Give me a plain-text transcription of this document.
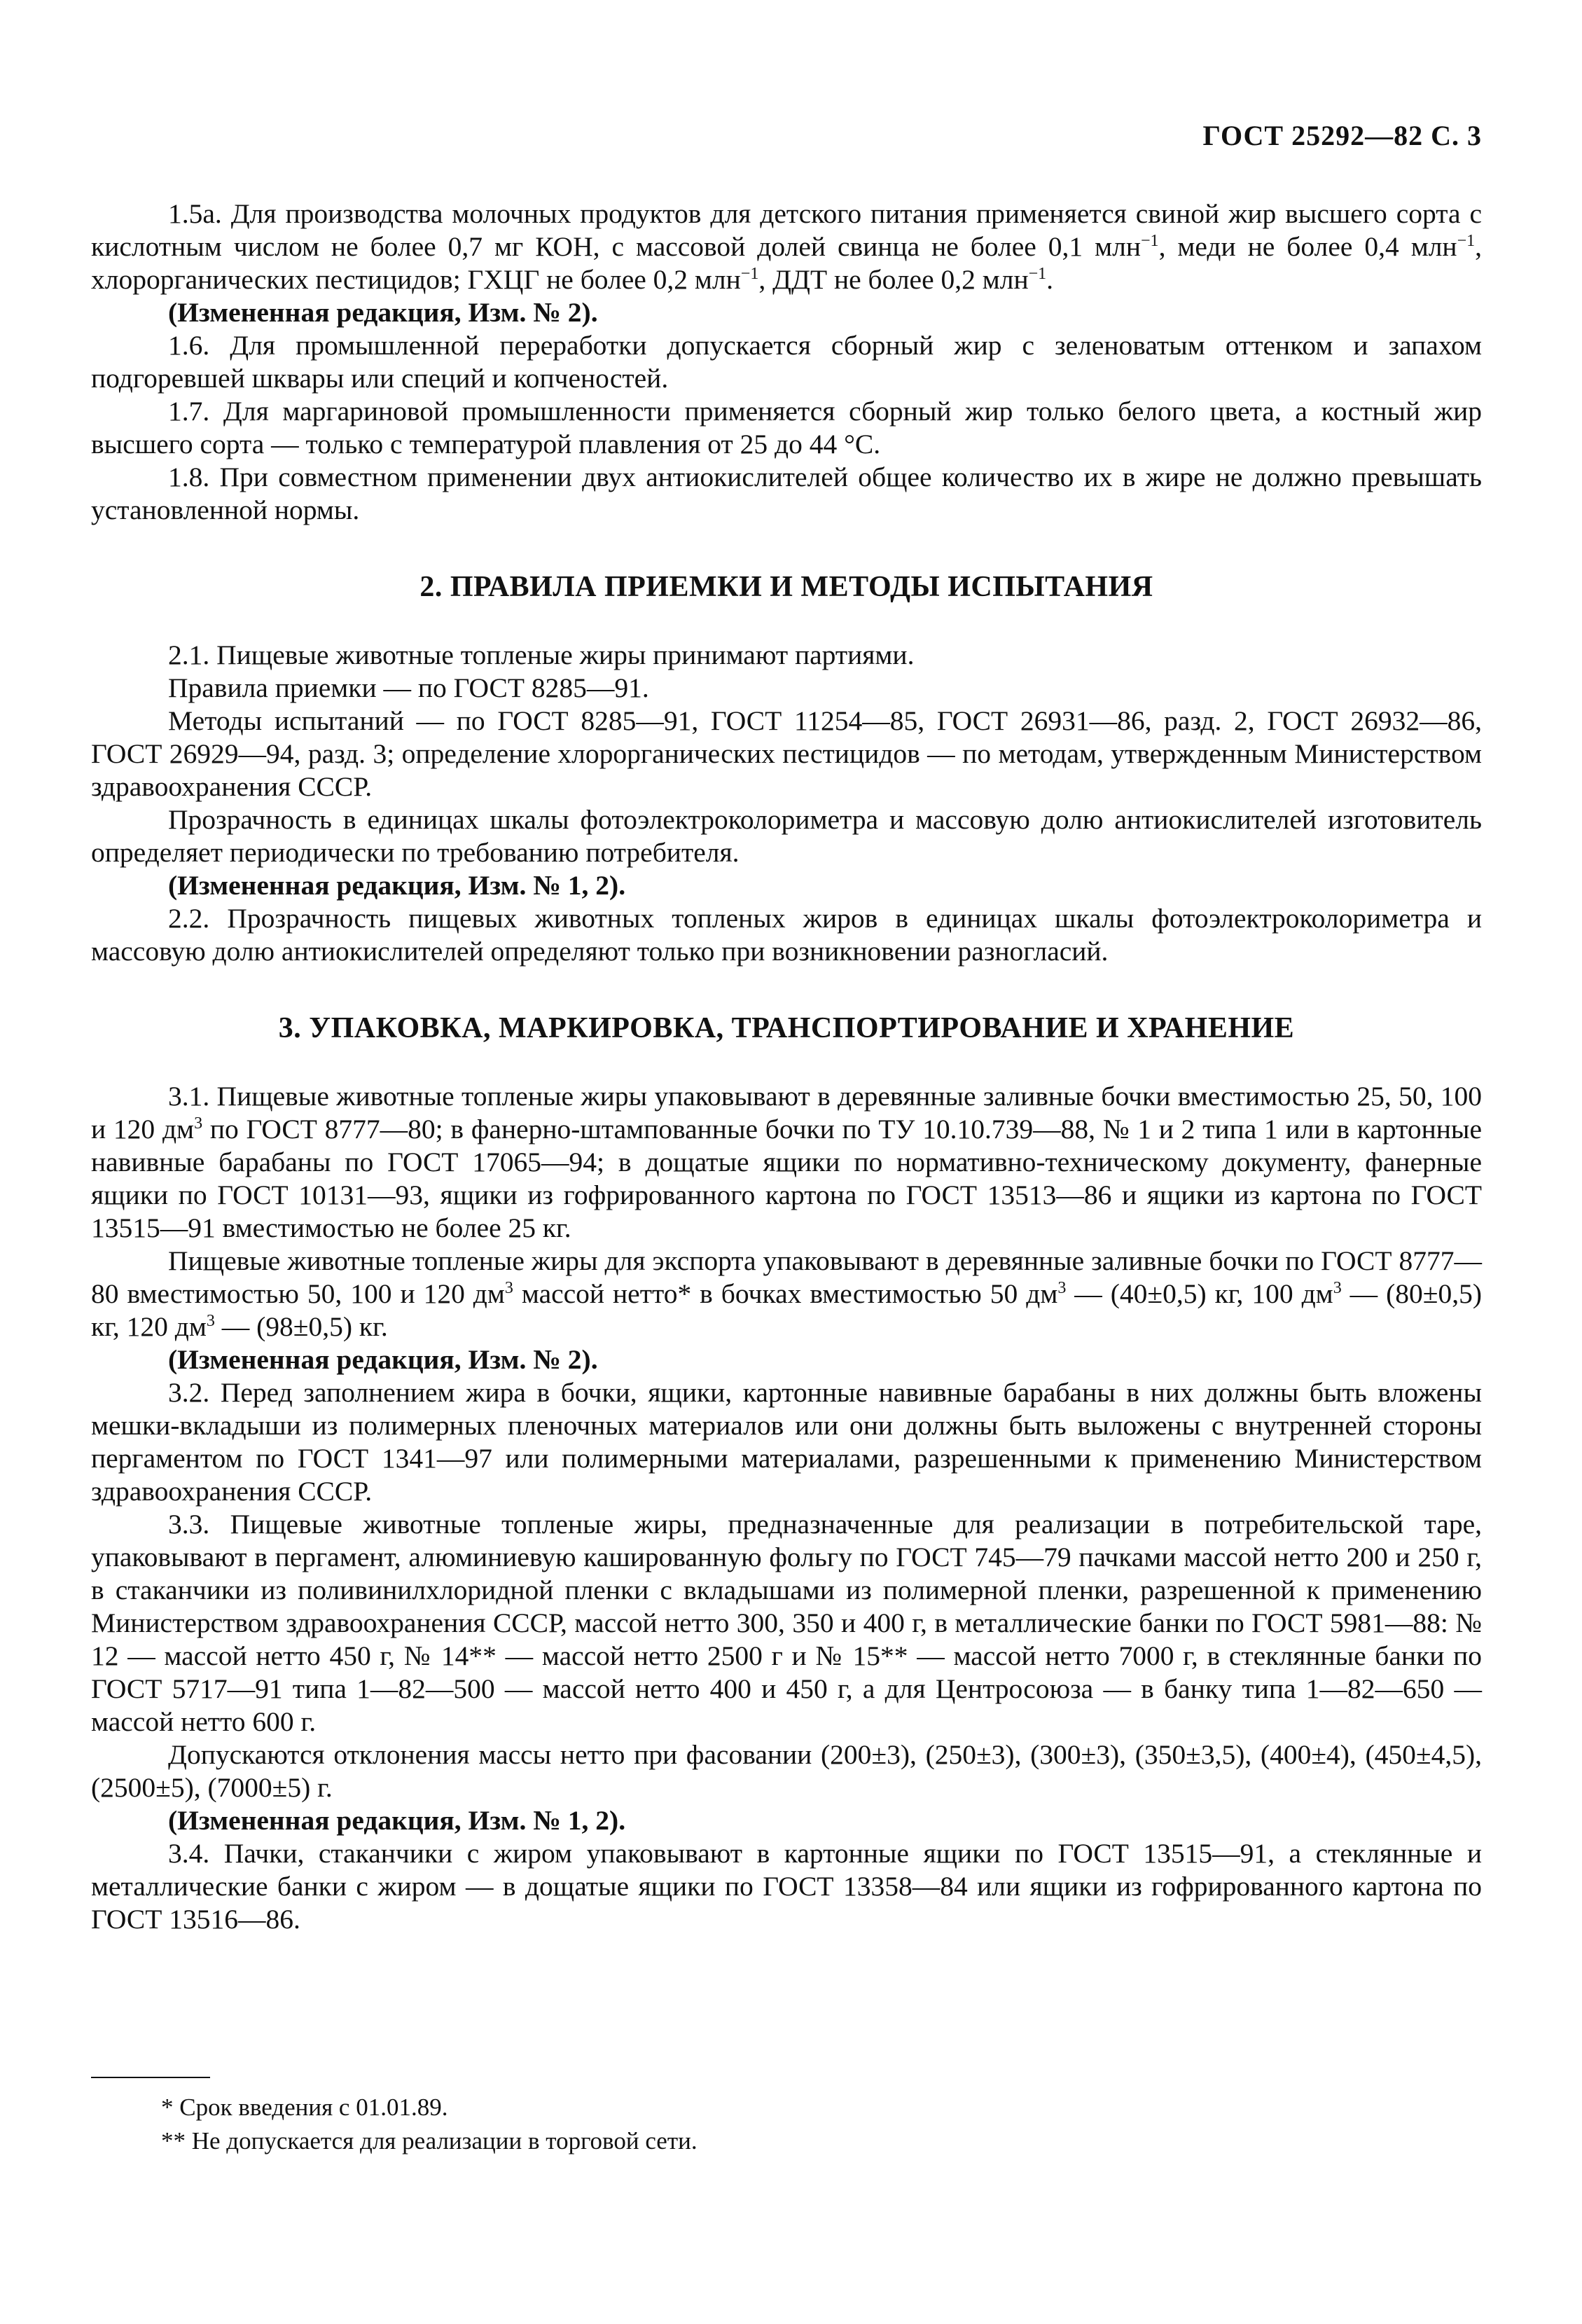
ГОСТ 25292—82 С. 3

1.5а. Для производства молочных продуктов для детского питания применяется свиной жир высшего сорта с кислотным числом не более 0,7 мг КОН, с массовой долей свинца не более 0,1 млн$^{-1}$, меди не более 0,4 млн$^{-1}$, хлорорганических пестицидов; ГХЦГ не более 0,2 млн$^{-1}$, ДДТ не более 0,2 млн$^{-1}$.

(Измененная редакция, Изм. № 2).

1.6. Для промышленной переработки допускается сборный жир с зеленоватым оттенком и запахом подгоревшей шквары или специй и копчeностей.

1.7. Для маргариновой промышленности применяется сборный жир только белого цвета, а костный жир высшего сорта — только с температурой плавления от 25 до 44 °С.

1.8. При совместном применении двух антиокислителей общее количество их в жире не должно превышать установленной нормы.

2. ПРАВИЛА ПРИЕМКИ И МЕТОДЫ ИСПЫТАНИЯ

2.1. Пищевые животные топленые жиры принимают партиями.

Правила приемки — по ГОСТ 8285—91.

Методы испытаний — по ГОСТ 8285—91, ГОСТ 11254—85, ГОСТ 26931—86, разд. 2, ГОСТ 26932—86, ГОСТ 26929—94, разд. 3; определение хлорорганических пестицидов — по методам, утвержденным Министерством здравоохранения СССР.

Прозрачность в единицах шкалы фотоэлектроколориметра и массовую долю антиокислителей изготовитель определяет периодически по требованию потребителя.

(Измененная редакция, Изм. № 1, 2).

2.2. Прозрачность пищевых животных топленых жиров в единицах шкалы фотоэлектроколориметра и массовую долю антиокислителей определяют только при возникновении разногласий.

3. УПАКОВКА, МАРКИРОВКА, ТРАНСПОРТИРОВАНИЕ И ХРАНЕНИЕ

3.1. Пищевые животные топленые жиры упаковывают в деревянные заливные бочки вместимостью 25, 50, 100 и 120 $дм^3$ по ГОСТ 8777—80; в фанерно-штампованные бочки по ТУ 10.10.739—88, № 1 и 2 типа 1 или в картонные навивные барабаны по ГОСТ 17065—94; в дощатые ящики по нормативно-техническому документу, фанерные ящики по ГОСТ 10131—93, ящики из гофрированного картона по ГОСТ 13513—86 и ящики из картона по ГОСТ 13515—91 вместимостью не более 25 кг.

Пищевые животные топленые жиры для экспорта упаковывают в деревянные заливные бочки по ГОСТ 8777—80 вместимостью 50, 100 и 120 $дм^3$ массой нетто* в бочках вместимостью 50 $дм^3$ — (40±0,5) кг, 100 $дм^3$ — (80±0,5) кг, 120 $дм^3$ — (98±0,5) кг.

(Измененная редакция, Изм. № 2).

3.2. Перед заполнением жира в бочки, ящики, картонные навивные барабаны в них должны быть вложены мешки-вкладыши из полимерных пленочных материалов или они должны быть выложены с внутренней стороны пергаментом по ГОСТ 1341—97 или полимерными материалами, разрешенными к применению Министерством здравоохранения СССР.

3.3. Пищевые животные топленые жиры, предназначенные для реализации в потребительской таре, упаковывают в пергамент, алюминиевую кашированную фольгу по ГОСТ 745—79 пачками массой нетто 200 и 250 г, в стаканчики из поливинилхлоридной пленки с вкладышами из полимерной пленки, разрешенной к применению Министерством здравоохранения СССР, массой нетто 300, 350 и 400 г, в металлические банки по ГОСТ 5981—88: № 12 — массой нетто 450 г, № 14** — массой нетто 2500 г и № 15** — массой нетто 7000 г, в стеклянные банки по ГОСТ 5717—91 типа 1—82—500 — массой нетто 400 и 450 г, а для Центросоюза — в банку типа 1—82—650 — массой нетто 600 г.

Допускаются отклонения массы нетто при фасовании (200±3), (250±3), (300±3), (350±3,5), (400±4), (450±4,5), (2500±5), (7000±5) г.

(Измененная редакция, Изм. № 1, 2).

3.4. Пачки, стаканчики с жиром упаковывают в картонные ящики по ГОСТ 13515—91, а стеклянные и металлические банки с жиром — в дощатые ящики по ГОСТ 13358—84 или ящики из гофрированного картона по ГОСТ 13516—86.

* Срок введения с 01.01.89.
** Не допускается для реализации в торговой сети.
